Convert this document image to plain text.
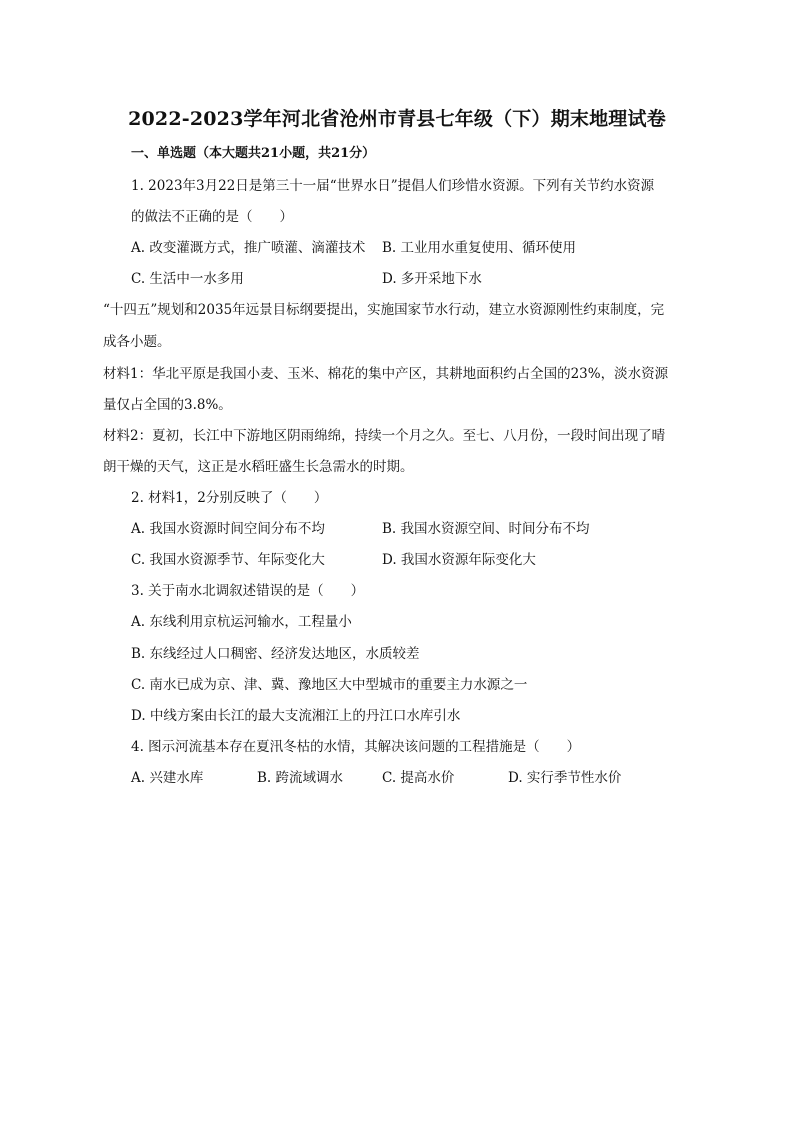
2022-2023学年河北省沧州市青县七年级（下）期末地理试卷
一、单选题（本大题共21小题，共21分）
1. 2023年3月22日是第三十一届“世界水日”提倡人们珍惜水资源。下列有关节约水资源
的做法不正确的是（　　）
A. 改变灌溉方式，推广喷灌、滴灌技术 B. 工业用水重复使用、循环使用
C. 生活中一水多用	D. 多开采地下水
“十四五”规划和2035年远景目标纲要提出，实施国家节水行动，建立水资源刚性约束制度，完
成各小题。
材料1：华北平原是我国小麦、玉米、棉花的集中产区，其耕地面积约占全国的23%，淡水资源
量仅占全国的3.8%。
材料2：夏初，长江中下游地区阴雨绵绵，持续一个月之久。至七、八月份，一段时间出现了晴
朗干燥的天气，这正是水稻旺盛生长急需水的时期。
2. 材料1，2分别反映了（　　）
A. 我国水资源时间空间分布不均	B. 我国水资源空间、时间分布不均
C. 我国水资源季节、年际变化大	D. 我国水资源年际变化大
3. 关于南水北调叙述错误的是（　　）
A. 东线利用京杭运河输水，工程量小
B. 东线经过人口稠密、经济发达地区，水质较差
C. 南水已成为京、津、冀、豫地区大中型城市的重要主力水源之一
D. 中线方案由长江的最大支流湘江上的丹江口水库引水
4. 图示河流基本存在夏汛冬枯的水情，其解决该问题的工程措施是（　　）
A. 兴建水库	B. 跨流域调水	C. 提高水价	D. 实行季节性水价
